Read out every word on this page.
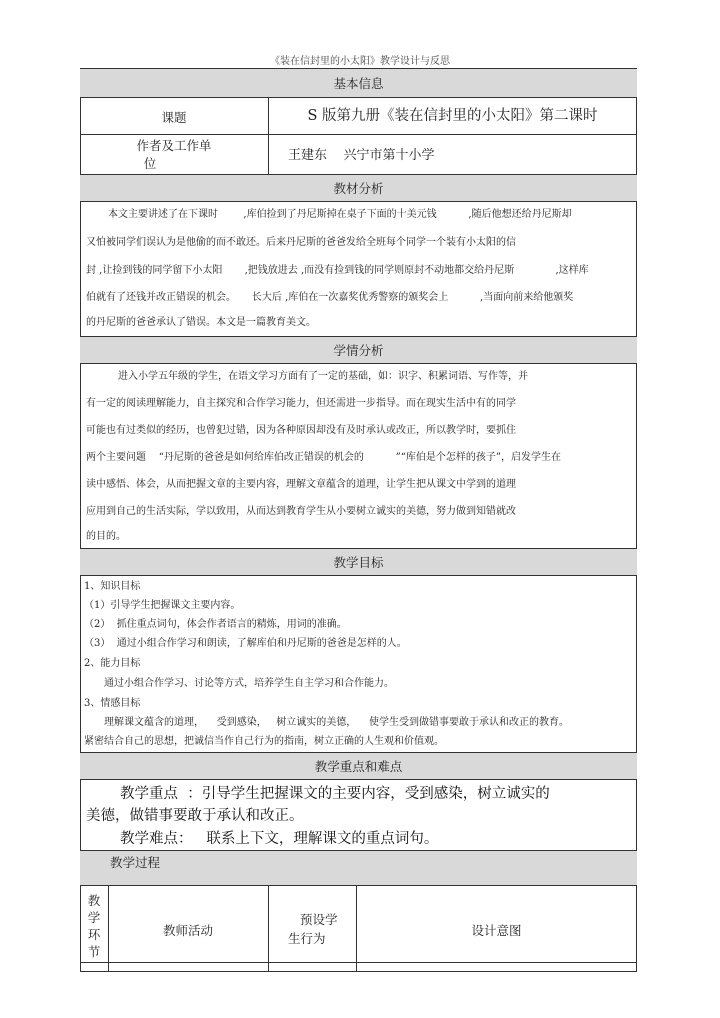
《装在信封里的小太阳》教学设计与反思
基本信息
课题	S 版第九册《装在信封里的小太阳》第二课时
作者及工作单
位
王建东    兴宁市第十小学
教材分析
本文主要讲述了在下课时        ,库伯捡到了丹尼斯掉在桌子下面的十美元钱          ,随后他想还给丹尼斯却
又怕被同学们误认为是他偷的而不敢还。后来丹尼斯的爸爸发给全班每个同学一个装有小太阳的信
封 ,让捡到钱的同学留下小太阳       ,把钱放进去 ,而没有捡到钱的同学则原封不动地都交给丹尼斯             ,这样库
伯就有了还钱并改正错误的机会。     长大后 ,库伯在一次嘉奖优秀警察的颁奖会上          ,当面向前来给他颁奖
的丹尼斯的爸爸承认了错误。本文是一篇教育美文。
学情分析
进入小学五年级的学生，在语文学习方面有了一定的基础，如：识字、积累词语、写作等，并
有一定的阅读理解能力，自主探究和合作学习能力，但还需进一步指导。而在现实生活中有的同学
可能也有过类似的经历，也曾犯过错，因为各种原因却没有及时承认或改正，所以教学时，要抓住
两个主要问题    “丹尼斯的爸爸是如何给库伯改正错误的机会的          ”“库伯是个怎样的孩子”，启发学生在
读中感悟、体会，从而把握文章的主要内容，理解文章蕴含的道理，让学生把从课文中学到的道理
应用到自己的生活实际，学以致用，从而达到教育学生从小要树立诚实的美德，努力做到知错就改
的目的。
教学目标
1、知识目标
（1）引导学生把握课文主要内容。
（2）  抓住重点词句，体会作者语言的精炼，用词的准确。
（3）  通过小组合作学习和朗读，了解库伯和丹尼斯的爸爸是怎样的人。
2、能力目标
通过小组合作学习、讨论等方式，培养学生自主学习和合作能力。
3、情感目标
理解课文蕴含的道理，    受到感染，   树立诚实的美德，    使学生受到做错事要敢于承认和改正的教育。
紧密结合自己的思想，把诚信当作自己行为的指南，树立正确的人生观和价值观。
教学重点和难点
教学重点  ：引导学生把握课文的主要内容，受到感染，树立诚实的
美德，做错事要敢于承认和改正。
教学难点：   联系上下文，理解课文的重点词句。
教学过程
教
学
环
节
教师活动
预设学
生行为
设计意图
